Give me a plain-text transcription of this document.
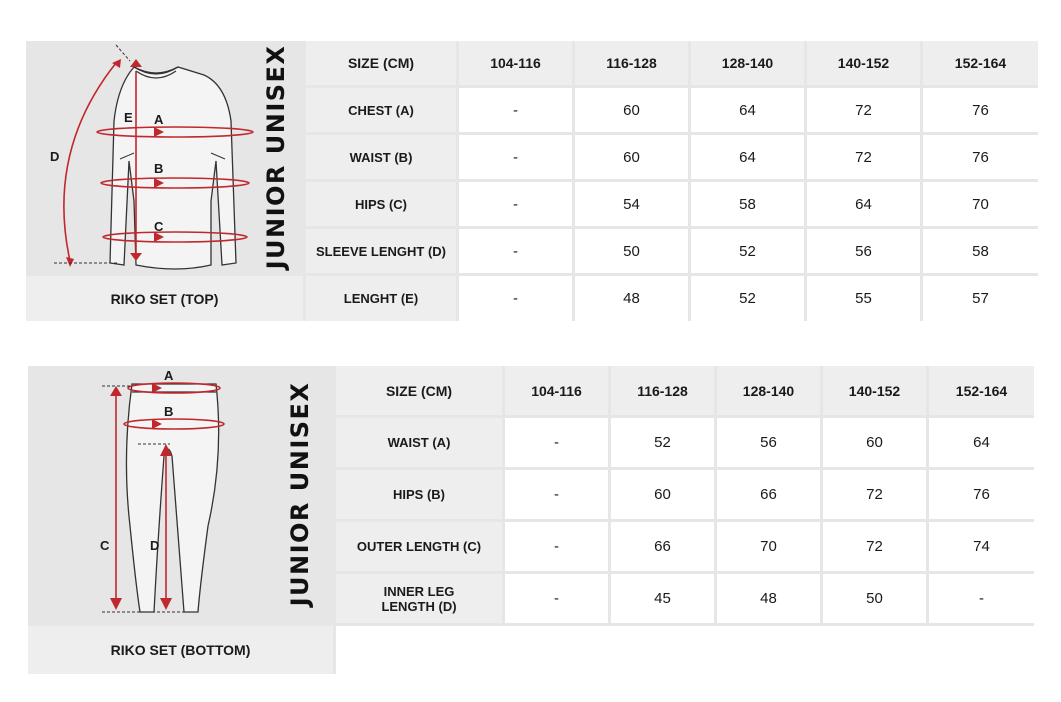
A
B
C
D
E	JUNIOR UNISEX	SIZE (CM)	104-116	116-128	128-140	140-152	152-164
CHEST (A)	-	60	64	72	76
WAIST (B)	-	60	64	72	76
HIPS (C)	-	54	58	64	70
SLEEVE LENGHT (D)	-	50	52	56	58
RIKO SET (TOP)	LENGHT (E)	-	48	52	55	57
A
B
C	D	JUNIOR UNISEX	SIZE (CM)	104-116	116-128	128-140	140-152	152-164
WAIST (A)	-	52	56	60	64
HIPS (B)	-	60	66	72	76
OUTER LENGTH (C)	-	66	70	72	74
INNER LEG
LENGTH (D)	-	45	48	50	-
RIKO SET (BOTTOM)
